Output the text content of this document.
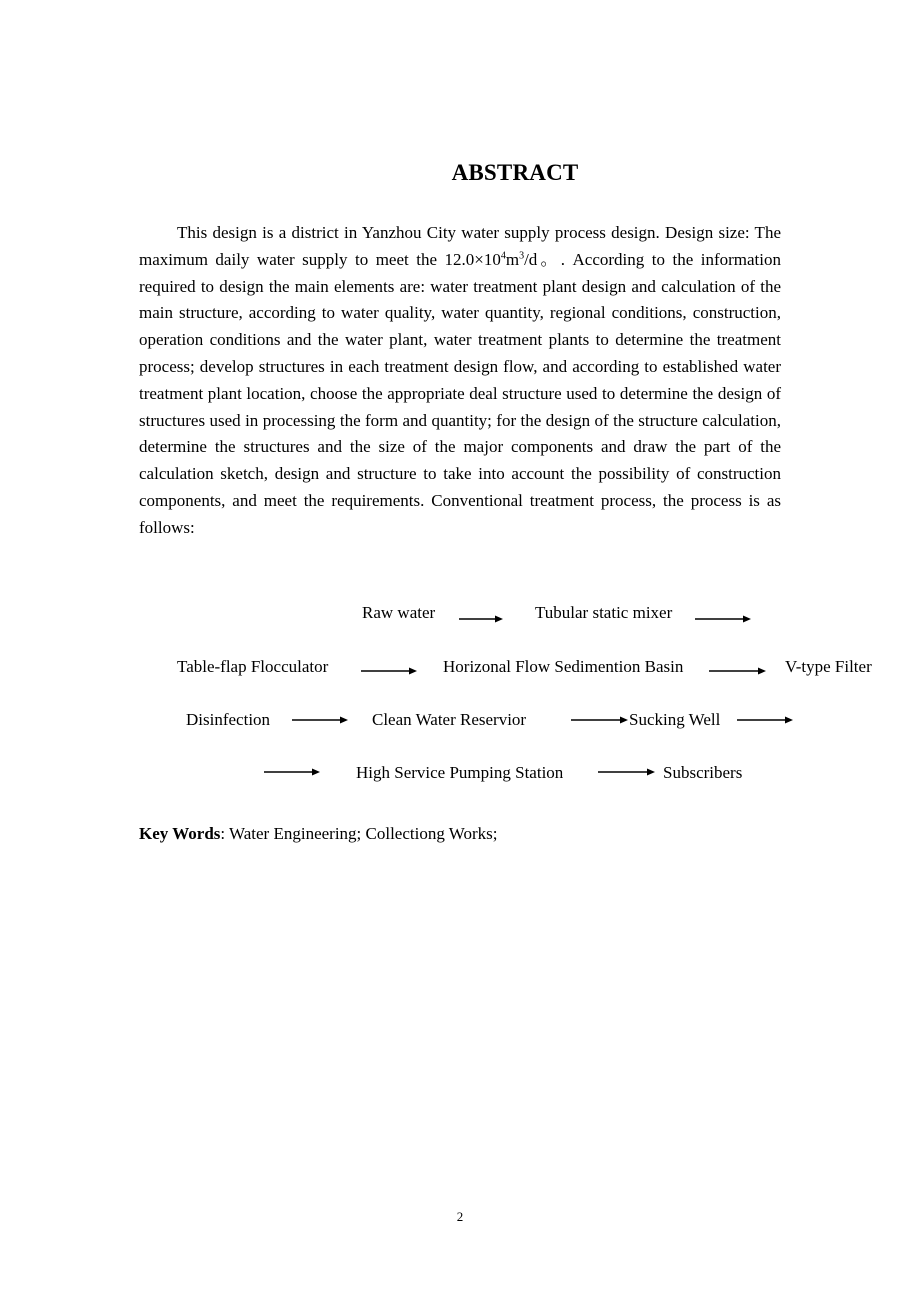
ABSTRACT

This design is a district in Yanzhou City water supply process design. Design size: The maximum daily water supply to meet the $12.0\times 10^4m^3/d$。. According to the information required to design the main elements are: water treatment plant design and calculation of the main structure, according to water quality, water quantity, regional conditions, construction, operation conditions and the water plant, water treatment plants to determine the treatment process; develop structures in each treatment design flow, and according to established water treatment plant location, choose the appropriate deal structure used to determine the design of structures used in processing the form and quantity; for the design of the structure calculation, determine the structures and the size of the major components and draw the part of the calculation sketch, design and structure to take into account the possibility of construction components, and meet the requirements. Conventional treatment process, the process is as follows:

Raw water	Tubular static mixer
Table-flap Flocculator	Horizonal Flow Sedimention Basin	V-type Filter
Disinfection	Clean Water Reservior	Sucking Well
High Service Pumping Station	Subscribers
Key Words: Water Engineering; Collectiong Works;
2
